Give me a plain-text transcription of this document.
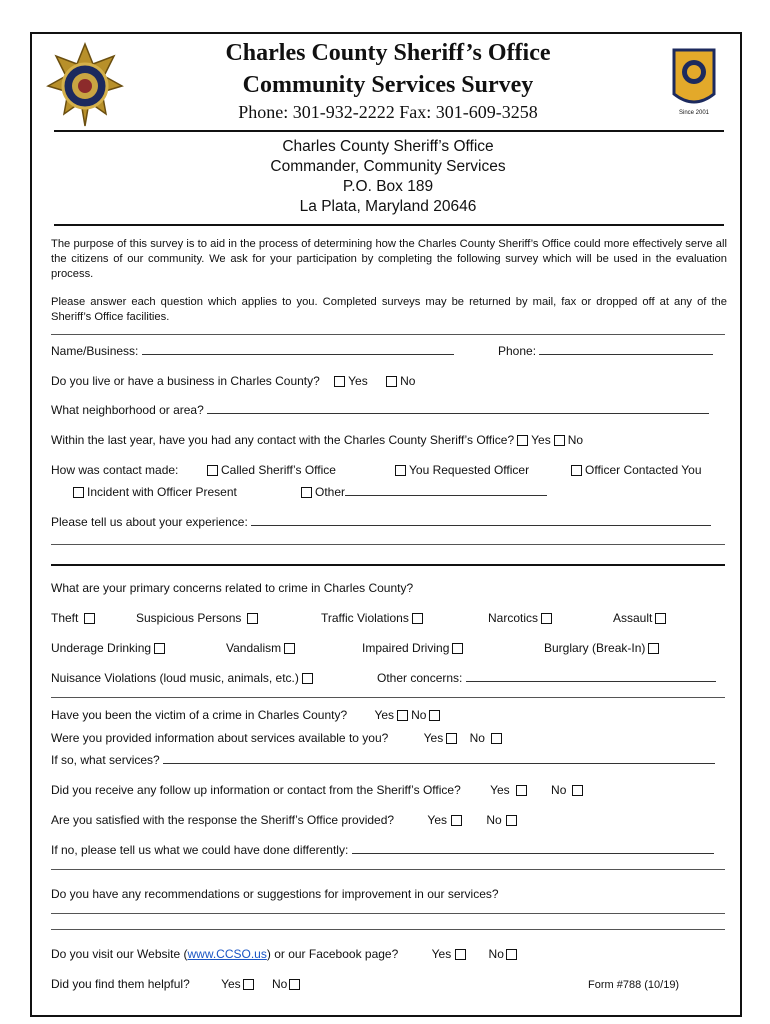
Since 2001
Charles County Sheriff’s Office
Community Services Survey
Phone: 301-932-2222 Fax: 301-609-3258
Charles County Sheriff’s Office
Commander, Community Services
P.O. Box 189
La Plata, Maryland 20646
The purpose of this survey is to aid in the process of determining how the Charles County Sheriff’s Office could more effectively serve all the citizens of our community. We ask for your participation by completing the following survey which will be used in the evaluation process.
Please answer each question which applies to you. Completed surveys may be returned by mail, fax or dropped off at any of the Sheriff’s Office facilities.
Name/Business:	Phone:
Do you live or have a business in Charles County? Yes	No
What neighborhood or area?
Within the last year, have you had any contact with the Charles County Sheriff’s Office? Yes No
How was contact made:	Called Sheriff’s Office	You Requested Officer	Officer Contacted You
Incident with Officer Present	Other
Please tell us about your experience:
What are your primary concerns related to crime in Charles County?
Theft	Suspicious Persons	Traffic Violations	Narcotics	Assault
Underage Drinking	Vandalism	Impaired Driving	Burglary (Break-In)
Nuisance Violations (loud music, animals, etc.)	Other concerns:
Have you been the victim of a crime in Charles County? Yes No
Were you provided information about services available to you?	Yes No
If so, what services?
Did you receive any follow up information or contact from the Sheriff’s Office? Yes	No
Are you satisfied with the response the Sheriff’s Office provided?	Yes	No
If no, please tell us what we could have done differently:
Do you have any recommendations or suggestions for improvement in our services?
Do you visit our Website (www.CCSO.us) or our Facebook page?	Yes	No
Did you find them helpful?	Yes	No	Form #788 (10/19)
